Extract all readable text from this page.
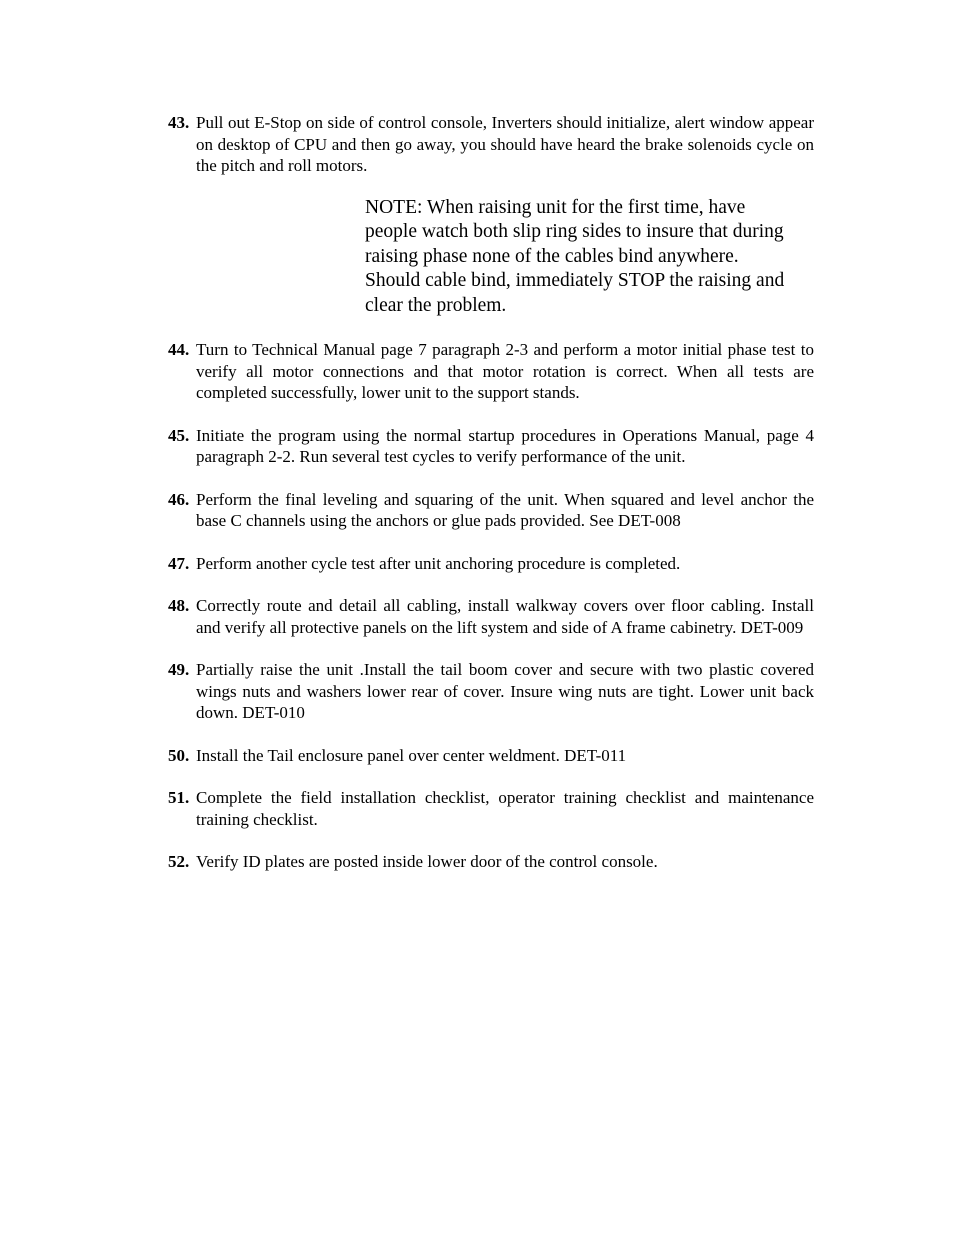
43. Pull out E-Stop on side of control console, Inverters should initialize, alert window appear on desktop of CPU and then go away, you should have heard the brake solenoids cycle on the pitch and roll motors.
NOTE: When raising unit for the first time, have people watch both slip ring sides to insure that during raising phase none of the cables bind anywhere. Should cable bind, immediately STOP the raising and clear the problem.
44. Turn to Technical Manual page 7 paragraph 2-3 and perform a motor initial phase test to verify all motor connections and that motor rotation is correct. When all tests are completed successfully, lower unit to the support stands.
45. Initiate the program using the normal startup procedures in Operations Manual, page 4 paragraph 2-2. Run several test cycles to verify performance of the unit.
46. Perform the final leveling and squaring of the unit. When squared and level anchor the base C channels using the anchors or glue pads provided. See DET-008
47. Perform another cycle test after unit anchoring procedure is completed.
48. Correctly route and detail all cabling, install walkway covers over floor cabling. Install and verify all protective panels on the lift system and side of A frame cabinetry. DET-009
49. Partially raise the unit .Install the tail boom cover and secure with two plastic covered wings nuts and washers lower rear of cover. Insure wing nuts are tight. Lower unit back down. DET-010
50. Install the Tail enclosure panel over center weldment. DET-011
51. Complete the field installation checklist, operator training checklist and maintenance training checklist.
52. Verify ID plates are posted inside lower door of the control console.
